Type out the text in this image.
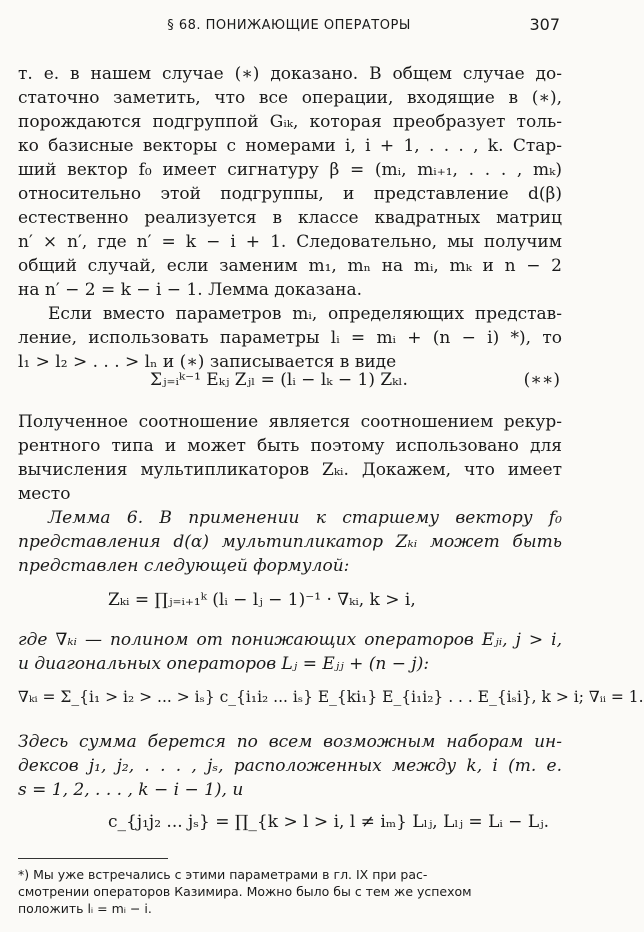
§ 68. ПОНИЖАЮЩИЕ ОПЕРАТОРЫ	307
т. е. в нашем случае (∗) доказано. В общем случае до-
статочно заметить, что все операции, входящие в (∗),
порождаются подгруппой Gᵢₖ, которая преобразует толь-
ко базисные векторы с номерами i, i + 1, . . . , k. Стар-
ший вектор f₀ имеет сигнатуру β = (mᵢ, mᵢ₊₁, . . . , mₖ)
относительно этой подгруппы, и представление d(β)
естественно реализуется в классе квадратных матриц
n′ × n′, где n′ = k − i + 1. Следовательно, мы получим
общий случай, если заменим m₁, mₙ на mᵢ, mₖ и n − 2
на n′ − 2 = k − i − 1. Лемма доказана.
Если вместо параметров mᵢ, определяющих представ-
ление, использовать параметры lᵢ = mᵢ + (n − i) *), то
l₁ > l₂ > . . . > lₙ и (∗) записывается в виде
Σⱼ₌ᵢᵏ⁻¹ Eₖⱼ Zⱼₗ = (lᵢ − lₖ − 1) Zₖₗ.	(∗∗)
Полученное соотношение является соотношением рекур-
рентного типа и может быть поэтому использовано для
вычисления мультипликаторов Zₖᵢ. Докажем, что имеет
место
Лемма 6. В применении к старшему вектору f₀
представления d(α) мультипликатор Zₖᵢ может быть
представлен следующей формулой:
Zₖᵢ = ∏ⱼ₌ᵢ₊₁ᵏ (lᵢ − lⱼ − 1)⁻¹ · ∇ₖᵢ, k > i,
где ∇ₖᵢ — полином от понижающих операторов Eⱼᵢ, j > i,
и диагональных операторов Lⱼ = Eⱼⱼ + (n − j):
∇ₖᵢ = Σ_{i₁ > i₂ > ... > iₛ} c_{i₁i₂ ... iₛ} E_{ki₁} E_{i₁i₂} . . . E_{iₛi}, k > i; ∇ᵢᵢ = 1.
Здесь сумма берется по всем возможным наборам ин-
дексов j₁, j₂, . . . , jₛ, расположенных между k, i (т. е.
s = 1, 2, . . . , k − i − 1), и
c_{j₁j₂ ... jₛ} = ∏_{k > l > i, l ≠ iₘ} Lₗⱼ, Lₗⱼ = Lᵢ − Lⱼ.
*) Мы уже встречались с этими параметрами в гл. IX при рас-
смотрении операторов Казимира. Можно было бы с тем же успехом
положить lᵢ = mᵢ − i.
